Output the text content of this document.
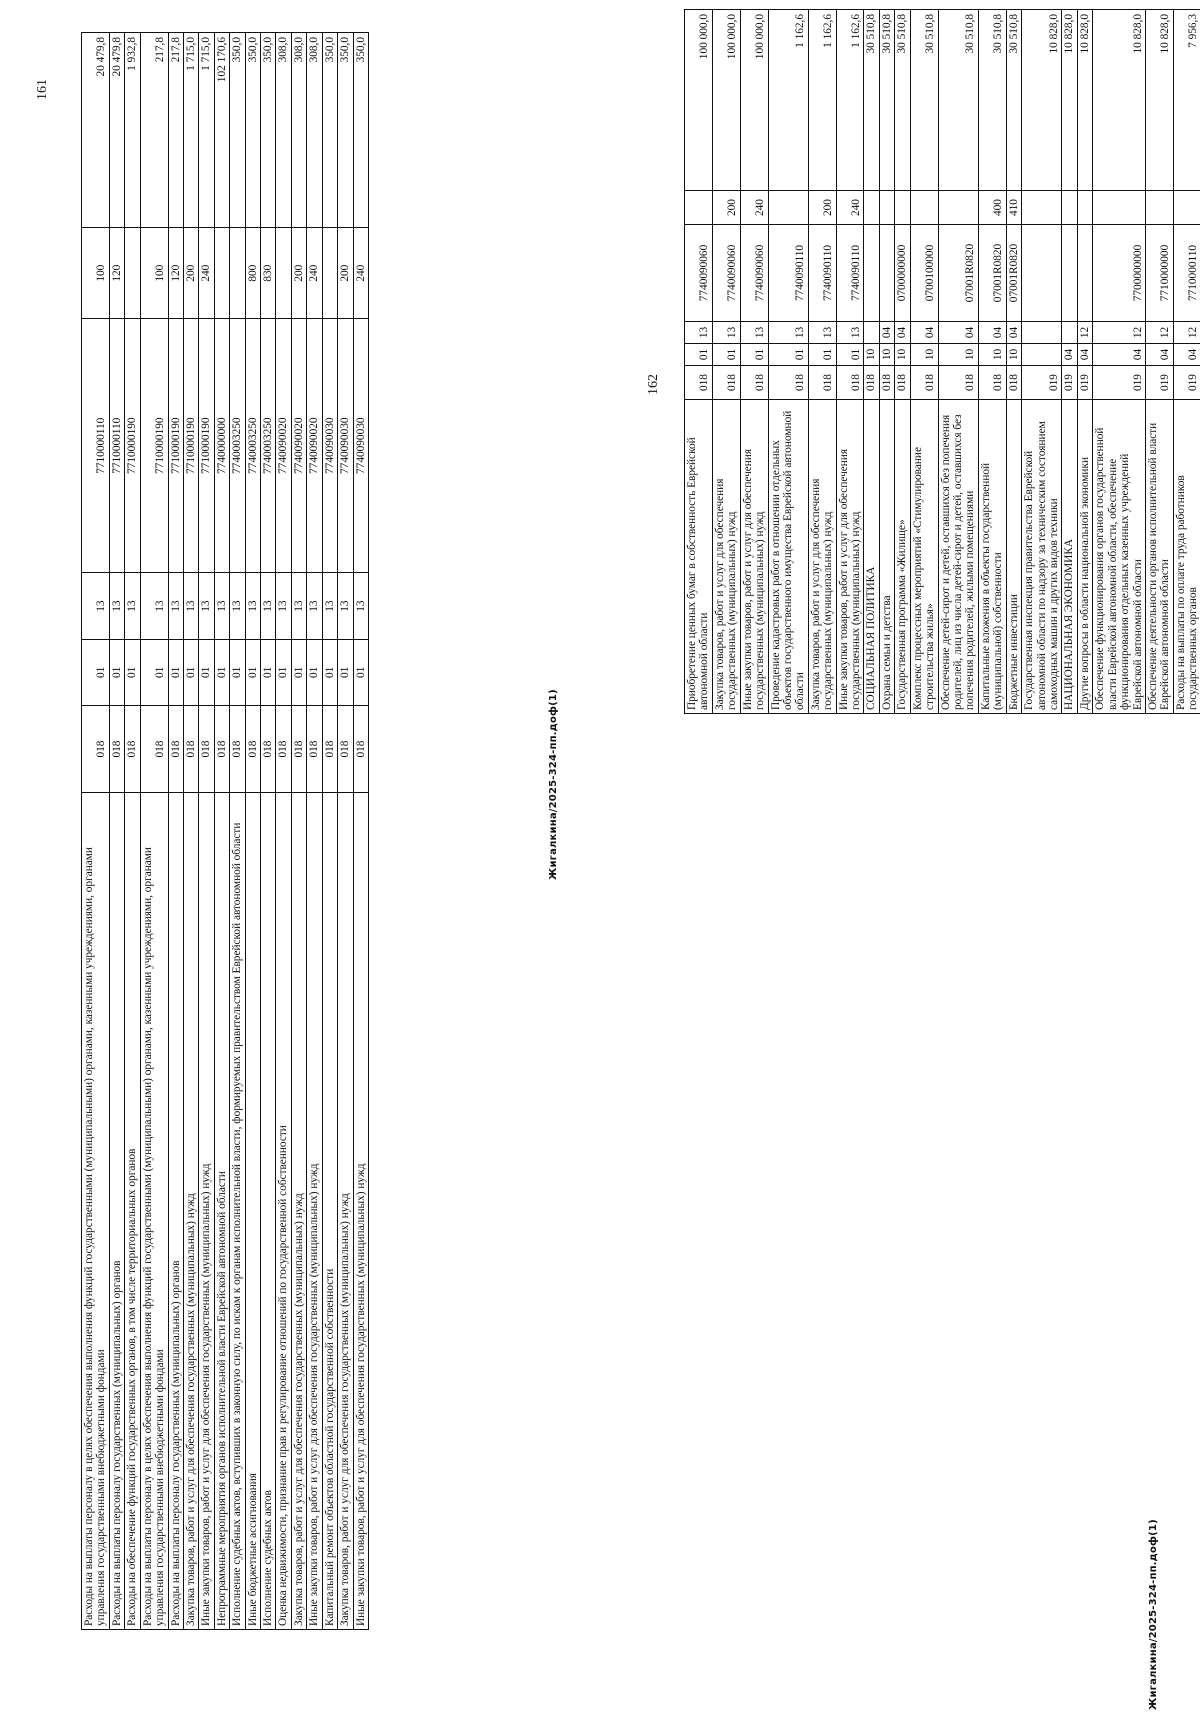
161
Расходы на выплаты персоналу в целях обеспечения выполнения функций государственными (муниципальными) органами, казенными учреждениями, органами управления государственными внебюджетными фондами	018	01	13	7710000110	100	20 479,8
Расходы на выплаты персоналу государственных (муниципальных) органов	018	01	13	7710000110	120	20 479,8
Расходы на обеспечение функций государственных органов, в том числе территориальных органов	018	01	13	7710000190		1 932,8
Расходы на выплаты персоналу в целях обеспечения выполнения функций государственными (муниципальными) органами, казенными учреждениями, органами управления государственными внебюджетными фондами	018	01	13	7710000190	100	217,8
Расходы на выплаты персоналу государственных (муниципальных) органов	018	01	13	7710000190	120	217,8
Закупка товаров, работ и услуг для обеспечения государственных (муниципальных) нужд	018	01	13	7710000190	200	1 715,0
Иные закупки товаров, работ и услуг для обеспечения государственных (муниципальных) нужд	018	01	13	7710000190	240	1 715,0
Непрограммные мероприятия органов исполнительной власти Еврейской автономной области	018	01	13	7740000000		102 170,6
Исполнение судебных актов, вступивших в законную силу, по искам к органам исполнительной власти, формируемых правительством Еврейской автономной области	018	01	13	7740003250		350,0
Иные бюджетные ассигнования	018	01	13	7740003250	800	350,0
Исполнение судебных актов	018	01	13	7740003250	830	350,0
Оценка недвижимости, признание прав и регулирование отношений по государственной собственности	018	01	13	7740090020		308,0
Закупка товаров, работ и услуг для обеспечения государственных (муниципальных) нужд	018	01	13	7740090020	200	308,0
Иные закупки товаров, работ и услуг для обеспечения государственных (муниципальных) нужд	018	01	13	7740090020	240	308,0
Капитальный ремонт объектов областной государственной собственности	018	01	13	7740090030		350,0
Закупка товаров, работ и услуг для обеспечения государственных (муниципальных) нужд	018	01	13	7740090030	200	350,0
Иные закупки товаров, работ и услуг для обеспечения государственных (муниципальных) нужд	018	01	13	7740090030	240	350,0
Жигалкина/2025-324-пп.доф(1)
162
Приобретение ценных бумаг в собственность Еврейской автономной области	018	01	13	7740090060		100 000,0
Закупка товаров, работ и услуг для обеспечения государственных (муниципальных) нужд	018	01	13	7740090060	200	100 000,0
Иные закупки товаров, работ и услуг для обеспечения государственных (муниципальных) нужд	018	01	13	7740090060	240	100 000,0
Проведение кадастровых работ в отношении отдельных объектов государственного имущества Еврейской автономной области	018	01	13	7740090110		1 162,6
Закупка товаров, работ и услуг для обеспечения государственных (муниципальных) нужд	018	01	13	7740090110	200	1 162,6
Иные закупки товаров, работ и услуг для обеспечения государственных (муниципальных) нужд	018	01	13	7740090110	240	1 162,6
СОЦИАЛЬНАЯ ПОЛИТИКА	018	10				30 510,8
Охрана семьи и детства	018	10	04			30 510,8
Государственная программа «Жилище»	018	10	04	0700000000		30 510,8
Комплекс процессных мероприятий «Стимулирование строительства жилья»	018	10	04	0700100000		30 510,8
Обеспечение детей-сирот и детей, оставшихся без попечения родителей, лиц из числа детей-сирот и детей, оставшихся без попечения родителей, жилыми помещениями	018	10	04	07001R0820		30 510,8
Капитальные вложения в объекты государственной (муниципальной) собственности	018	10	04	07001R0820	400	30 510,8
Бюджетные инвестиции	018	10	04	07001R0820	410	30 510,8
Государственная инспекция правительства Еврейской автономной области по надзору за техническим состоянием самоходных машин и других видов техники	019					10 828,0
НАЦИОНАЛЬНАЯ ЭКОНОМИКА	019	04				10 828,0
Другие вопросы в области национальной экономики	019	04	12			10 828,0
Обеспечение функционирования органов государственной власти Еврейской автономной области, обеспечение функционирования отдельных казенных учреждений Еврейской автономной области	019	04	12	7700000000		10 828,0
Обеспечение деятельности органов исполнительной власти Еврейской автономной области	019	04	12	7710000000		10 828,0
Расходы на выплаты по оплате труда работников государственных органов	019	04	12	7710000110		7 956,3
Жигалкина/2025-324-пп.доф(1)
